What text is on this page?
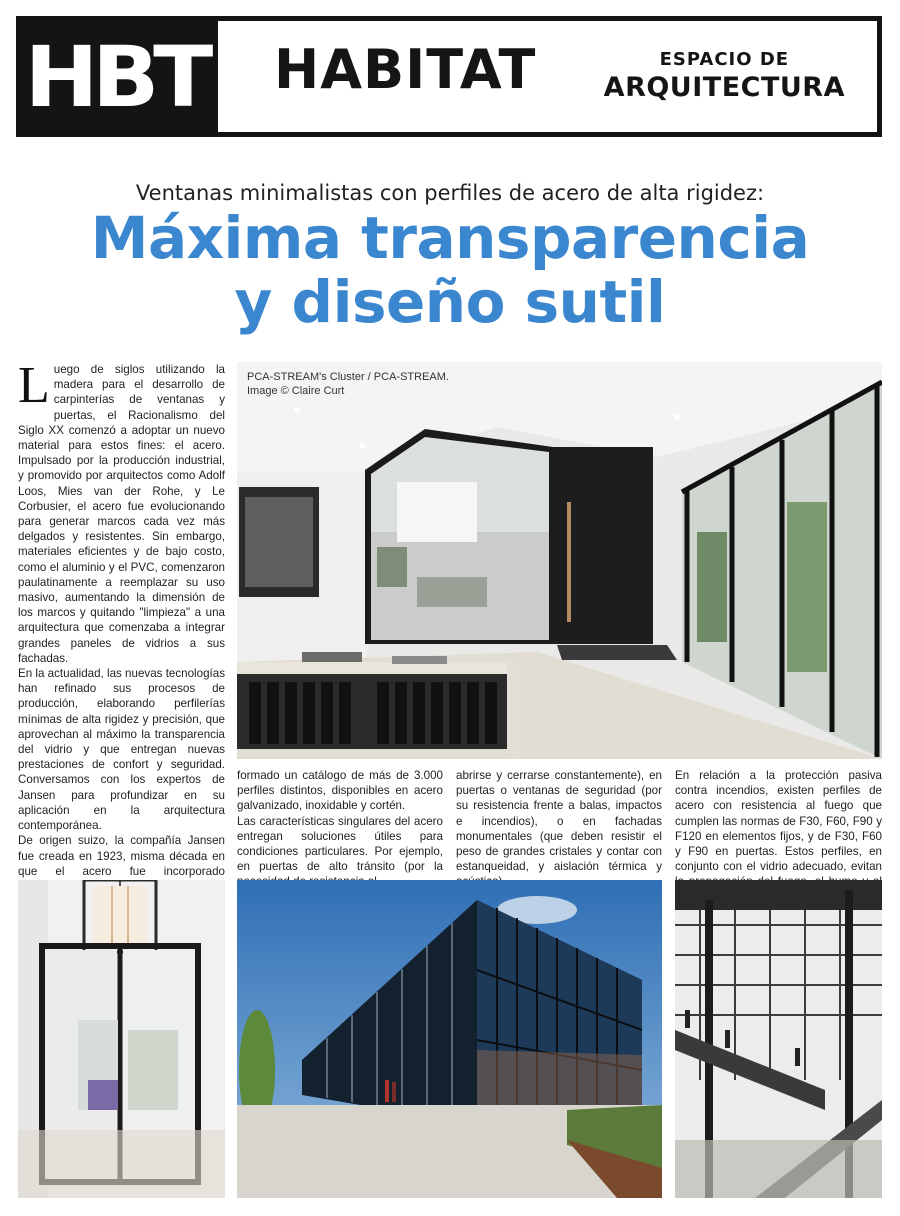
HBT HABITAT	ESPACIO DE
ARQUITECTURA
Ventanas minimalistas con perfiles de acero de alta rigidez:
Máxima transparencia
y diseño sutil
PCA-STREAM's Cluster / PCA-STREAM.
Image © Claire Curt

Luego de siglos utilizando la madera para el desarrollo de carpinterías de ventanas y puertas, el Racionalismo del Siglo XX comenzó a adoptar un nuevo material para estos fines: el acero. Impulsado por la producción industrial, y promovido por arquitectos como Adolf Loos, Mies van der Rohe, y Le Corbusier, el acero fue evolucionando para generar marcos cada vez más delgados y resistentes. Sin embargo, materiales eficientes y de bajo costo, como el aluminio y el PVC, comenzaron paulatinamente a reemplazar su uso masivo, aumentando la dimensión de los marcos y quitando "limpieza" a una arquitectura que comenzaba a integrar grandes paneles de vidrios a sus fachadas.

En la actualidad, las nuevas tecnologías han refinado sus procesos de producción, elaborando perfilerías mínimas de alta rigidez y precisión, que aprovechan al máximo la transparencia del vidrio y que entregan nuevas prestaciones de confort y seguridad. Conversamos con los expertos de Jansen para profundizar en su aplicación en la arquitectura contemporánea.

De origen suizo, la compañía Jansen fue creada en 1923, misma década en que el acero fue incorporado

formado un catálogo de más de 3.000 perfiles distintos, disponibles en acero galvanizado, inoxidable y cortén.

Las características singulares del acero entregan soluciones útiles para condiciones particulares. Por ejemplo, en puertas de alto tránsito (por la

abrirse y cerrarse constantemente), en puertas o ventanas de seguridad (por su resistencia frente a balas, impactos e incendios), o en fachadas monumentales (que deben resistir el peso de grandes cristales y contar con estanqueidad, y aislación térmica y

En relación a la protección pasiva contra incendios, existen perfiles de acero con resistencia al fuego que cumplen las normas de F30, F60, F90 y F120 en elementos fijos, y de F30, F60 y F90 en puertas. Estos perfiles, en conjunto con el vidrio adecuado, evitan
